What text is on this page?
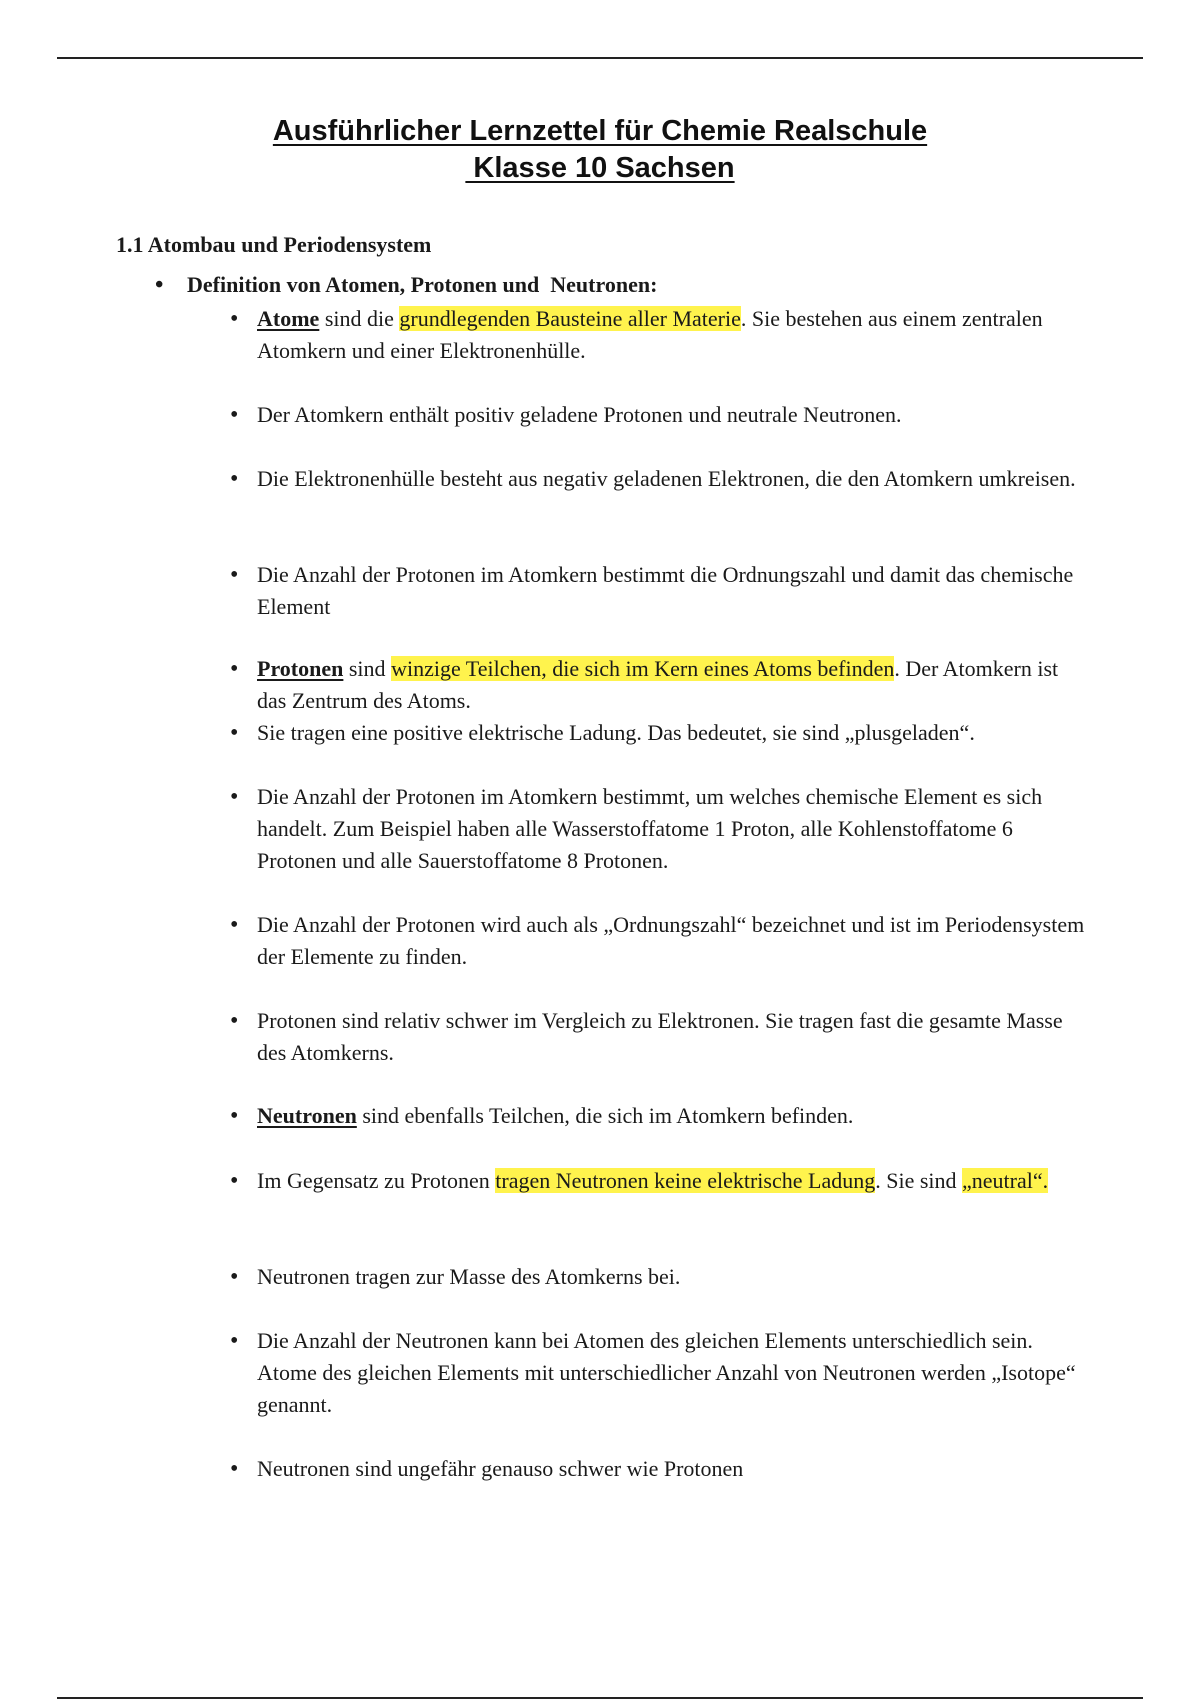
Ausführlicher Lernzettel für Chemie Realschule
Klasse 10 Sachsen
1.1 Atombau und Periodensystem
• Definition von Atomen, Protonen und  Neutronen:
• Atome sind die grundlegenden Bausteine aller Materie. Sie bestehen aus einem zentralen Atomkern und einer Elektronenhülle.
• Der Atomkern enthält positiv geladene Protonen und neutrale Neutronen.
• Die Elektronenhülle besteht aus negativ geladenen Elektronen, die den Atomkern umkreisen.
• Die Anzahl der Protonen im Atomkern bestimmt die Ordnungszahl und damit das chemische Element
• Protonen sind winzige Teilchen, die sich im Kern eines Atoms befinden. Der Atomkern ist das Zentrum des Atoms.
• Sie tragen eine positive elektrische Ladung. Das bedeutet, sie sind „plusgeladen“.
• Die Anzahl der Protonen im Atomkern bestimmt, um welches chemische Element es sich handelt. Zum Beispiel haben alle Wasserstoffatome 1 Proton, alle Kohlenstoffatome 6 Protonen und alle Sauerstoffatome 8 Protonen.
• Die Anzahl der Protonen wird auch als „Ordnungszahl“ bezeichnet und ist im Periodensystem der Elemente zu finden.
• Protonen sind relativ schwer im Vergleich zu Elektronen. Sie tragen fast die gesamte Masse des Atomkerns.
• Neutronen sind ebenfalls Teilchen, die sich im Atomkern befinden.
• Im Gegensatz zu Protonen tragen Neutronen keine elektrische Ladung. Sie sind „neutral“.
• Neutronen tragen zur Masse des Atomkerns bei.
• Die Anzahl der Neutronen kann bei Atomen des gleichen Elements unterschiedlich sein. Atome des gleichen Elements mit unterschiedlicher Anzahl von Neutronen werden „Isotope“ genannt.
• Neutronen sind ungefähr genauso schwer wie Protonen
